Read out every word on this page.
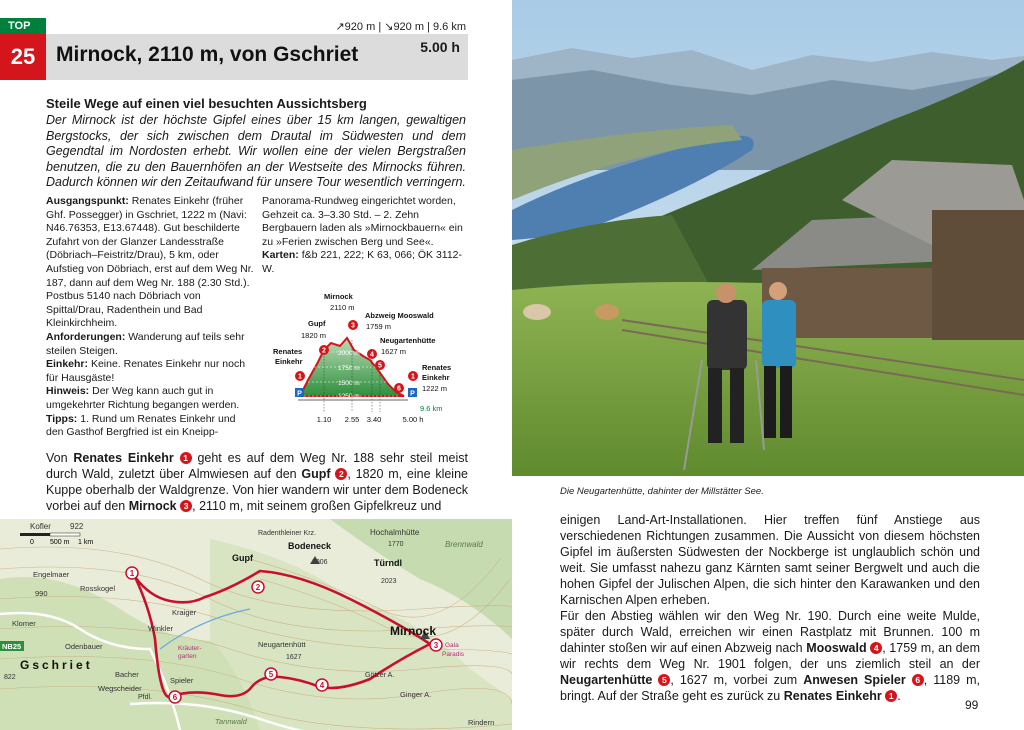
TOP
25 Mirnock, 2110 m, von Gschriet	5.00 h
↗920 m | ↘920 m | 9.6 km
Steile Wege auf einen viel besuchten Aussichtsberg
Der Mirnock ist der höchste Gipfel eines über 15 km langen, gewaltigen Bergstocks, der sich zwischen dem Drautal im Südwesten und dem Gegendtal im Nordosten erhebt. Wir wollen eine der vielen Bergstraßen benutzen, die zu den Bauernhöfen an der Westseite des Mirnocks führen. Dadurch können wir den Zeitaufwand für unsere Tour wesentlich verringern.
Ausgangspunkt: Renates Einkehr (früher Ghf. Possegger) in Gschriet, 1222 m (Navi: N46.76353, E13.67448). Gut beschilderte Zufahrt von der Glanzer Landesstraße (Döbriach–Feistritz/Drau), 5 km, oder Aufstieg von Döbriach, erst auf dem Weg Nr. 187, dann auf dem Weg Nr. 188 (2.30 Std.). Postbus 5140 nach Döbriach von Spittal/Drau, Radenthein und Bad Kleinkirchheim.
Anforderungen: Wanderung auf teils sehr steilen Steigen.
Einkehr: Keine. Renates Einkehr nur noch für Hausgäste!
Hinweis: Der Weg kann auch gut in umgekehrter Richtung begangen werden.
Tipps: 1. Rund um Renates Einkehr und den Gasthof Bergfried ist ein Kneipp-
Panorama-Rundweg eingerichtet worden, Gehzeit ca. 3–3.30 Std. – 2. Zehn Bergbauern laden als »Mirnockbauern« ein zu »Ferien zwischen Berg und See«.
Karten: f&b 221, 222; K 63, 066; ÖK 3112-W.
2000 m
1750 m
1500 m
1250 m
1
2
3
4
5
6
1
P	P
Mirnock
2110 m
Gupf
1820 m
Abzweig Mooswald
1759 m
Neugartenhütte
1627 m
Renates
Einkehr
Renates
Einkehr
1222 m
9.6 km
1.10 2.55 3.40	5.00 h
Von Renates Einkehr 1 geht es auf dem Weg Nr. 188 sehr steil meist durch Wald, zuletzt über Almwiesen auf den Gupf 2 , 1820 m, eine kleine Kuppe oberhalb der Waldgrenze. Von hier wandern wir unter dem Bodeneck vorbei auf den Mirnock 3 , 2110 m, mit seinem großen Gipfelkreuz und
1
2
3
4
5
6
0 500 m 1 km
Kofler 922
Radenthleiner Krz.	Hochalmhütte
1770
Bodeneck
2006	Türndl
2023
Brennwald
Gupf
Engelmaer
990
Rosskogel
Kraiger
Winkler	Mirnock
Gala
Paradis
Klomer
Odenbauer
Gschriet
Kräuter-
garten
Bacher
Neugartenhütt
1627
Spieler
Wegscheider
822
Rindern
Ginger A.
Tannwald
Pfdl.
Götzer A.
NB25
Die Neugartenhütte, dahinter der Millstätter See.
einigen Land-Art-Installationen. Hier treffen fünf Anstiege aus verschiedenen Richtungen zusammen. Die Aussicht von diesem höchsten Gipfel im äußersten Südwesten der Nockberge ist unglaublich schön und weit. Sie umfasst nahezu ganz Kärnten samt seiner Bergwelt und auch die hohen Gipfel der Julischen Alpen, die sich hinter den Karawanken und den Karnischen Alpen erheben.
Für den Abstieg wählen wir den Weg Nr. 190. Durch eine weite Mulde, später durch Wald, erreichen wir einen Rastplatz mit Brunnen. 100 m dahinter stoßen wir auf einen Abzweig nach Mooswald 4 , 1759 m, an dem wir rechts dem Weg Nr. 1901 folgen, der uns ziemlich steil an der Neugartenhütte 5 , 1627 m, vorbei zum Anwesen Spieler 6 , 1189 m, bringt. Auf der Straße geht es zurück zu Renates Einkehr 1 .
99
